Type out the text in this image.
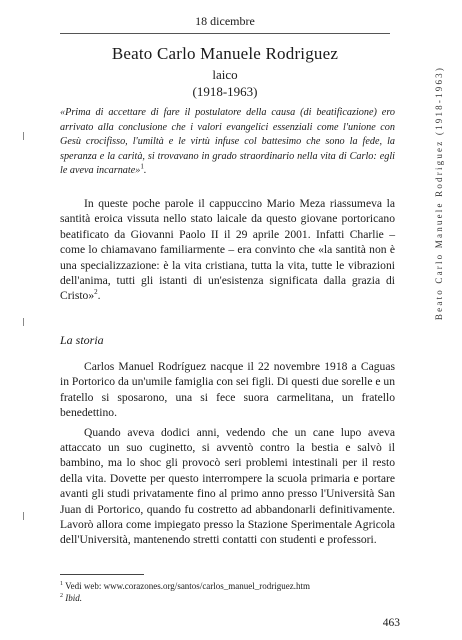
18 dicembre
Beato Carlo Manuele Rodriguez
laico
(1918-1963)

«Prima di accettare di fare il postulatore della causa (di beatificazione) ero arrivato alla conclusione che i valori evangelici essenziali come l'unione con Gesù crocifisso, l'umiltà e le virtù infuse col battesimo che sono la fede, la speranza e la carità, si trovavano in grado straordinario nella vita di Carlo: egli le aveva incarnate»$^1$.

In queste poche parole il cappuccino Mario Meza riassumeva la santità eroica vissuta nello stato laicale da questo giovane portoricano beatificato da Giovanni Paolo II il 29 aprile 2001. Infatti Charlie – come lo chiamavano familiarmente – era convinto che «la santità non è una specializzazione: è la vita cristiana, tutta la vita, tutte le vibrazioni dell'anima, tutti gli istanti di un'esistenza significata dalla grazia di Cristo»$^2$.

La storia

Carlos Manuel Rodríguez nacque il 22 novembre 1918 a Caguas in Portorico da un'umile famiglia con sei figli. Di questi due sorelle e un fratello si sposarono, una si fece suora carmelitana, un fratello benedettino.

Quando aveva dodici anni, vedendo che un cane lupo aveva attaccato un suo cuginetto, si avventò contro la bestia e salvò il bambino, ma lo shoc gli provocò seri problemi intestinali per il resto della vita. Dovette per questo interrompere la scuola primaria e portare avanti gli studi privatamente fino al primo anno presso l'Università San Juan di Portorico, quando fu costretto ad abbandonarli definitivamente. Lavorò allora come impiegato presso la Stazione Sperimentale Agricola dell'Università, mantenendo stretti contatti con studenti e professori.

$^1$ Vedi web: www.corazones.org/santos/carlos_manuel_rodriguez.htm
$^2$ Ibid.
463
Beato Carlo Manuele Rodriguez (1918-1963)
